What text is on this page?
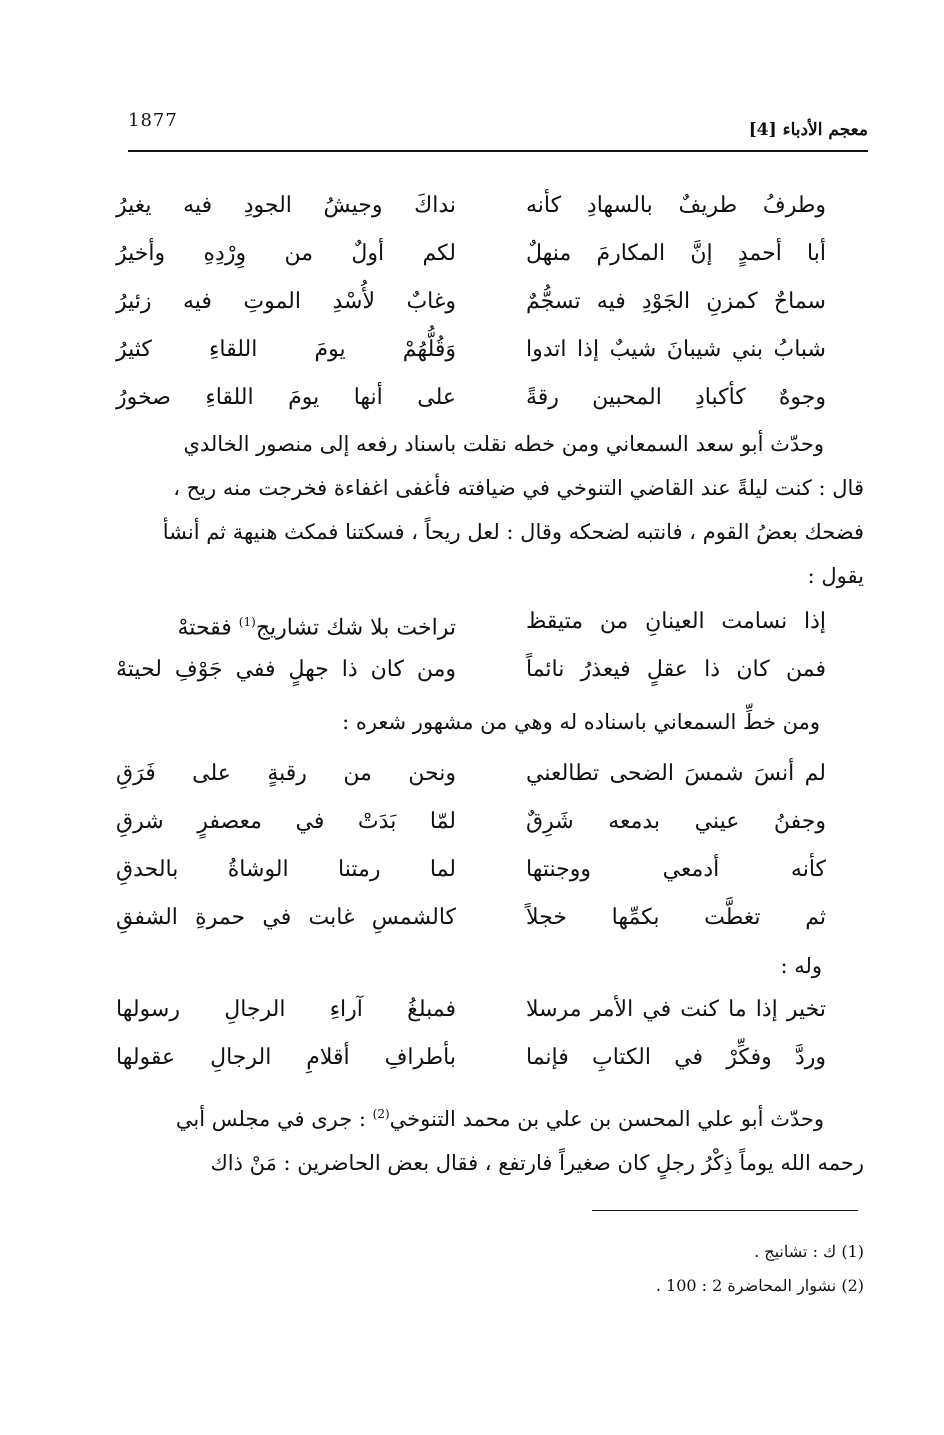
معجم الأدباء [4]
1877
وطرفُ طريفٌ بالسهادِ كأنه
نداكَ وجيشُ الجودِ فيه يغيرُ
أبا أحمدٍ إنَّ المكارمَ منهلٌ
لكم أولٌ من وِرْدِهِ وأخيرُ
سماحٌ كمزنِ الجَوْدِ فيه تسجُّمٌ
وغابٌ لأُسْدِ الموتِ فيه زئيرُ
شبابُ بني شيبانَ شيبٌ إذا اتدوا
وَقُلُّهُمْ يومَ اللقاءِ كثيرُ
وجوهٌ كأكبادِ المحبين رقةً
على أنها يومَ اللقاءِ صخورُ

وحدّث أبو سعد السمعاني ومن خطه نقلت باسناد رفعه إلى منصور الخالدي

قال : كنت ليلةً عند القاضي التنوخي في ضيافته فأغفى اغفاءة فخرجت منه ريح ،

فضحك بعضُ القوم ، فانتبه لضحكه وقال : لعل ريحاً ، فسكتنا فمكث هنيهة ثم أنشأ

يقول :

إذا نسامت العينانِ من متيقظ
تراخت بلا شك تشاريج$^{(1)}$ فقحتهْ
فمن كان ذا عقلٍ فيعذرُ نائماً
ومن كان ذا جهلٍ ففي جَوْفِ لحيتهْ
ومن خطِّ السمعاني باسناده له وهي من مشهور شعره :
لم أنسَ شمسَ الضحى تطالعني
ونحن من رقبةٍ على فَرَقِ
وجفنُ عيني بدمعه شَرِقٌ
لمّا بَدَتْ في معصفرٍ شرقِ
كأنه أدمعي ووجنتها
لما رمتنا الوشاةُ بالحدقِ
ثم تغطَّت بكمِّها خجلاً
كالشمسِ غابت في حمرةِ الشفقِ
وله :
تخير إذا ما كنت في الأمر مرسلا
فمبلغُ آراءِ الرجالِ رسولها
وردَّ وفكِّرْ في الكتابِ فإنما
بأطرافِ أقلامِ الرجالِ عقولها

وحدّث أبو علي المحسن بن علي بن محمد التنوخي$^{(2)}$ : جرى في مجلس أبي

رحمه الله يوماً ذِكْرُ رجلٍ كان صغيراً فارتفع ، فقال بعض الحاضرين : مَنْ ذاك

(1) ك : تشانيج .
(2) نشوار المحاضرة 2 : 100 .
